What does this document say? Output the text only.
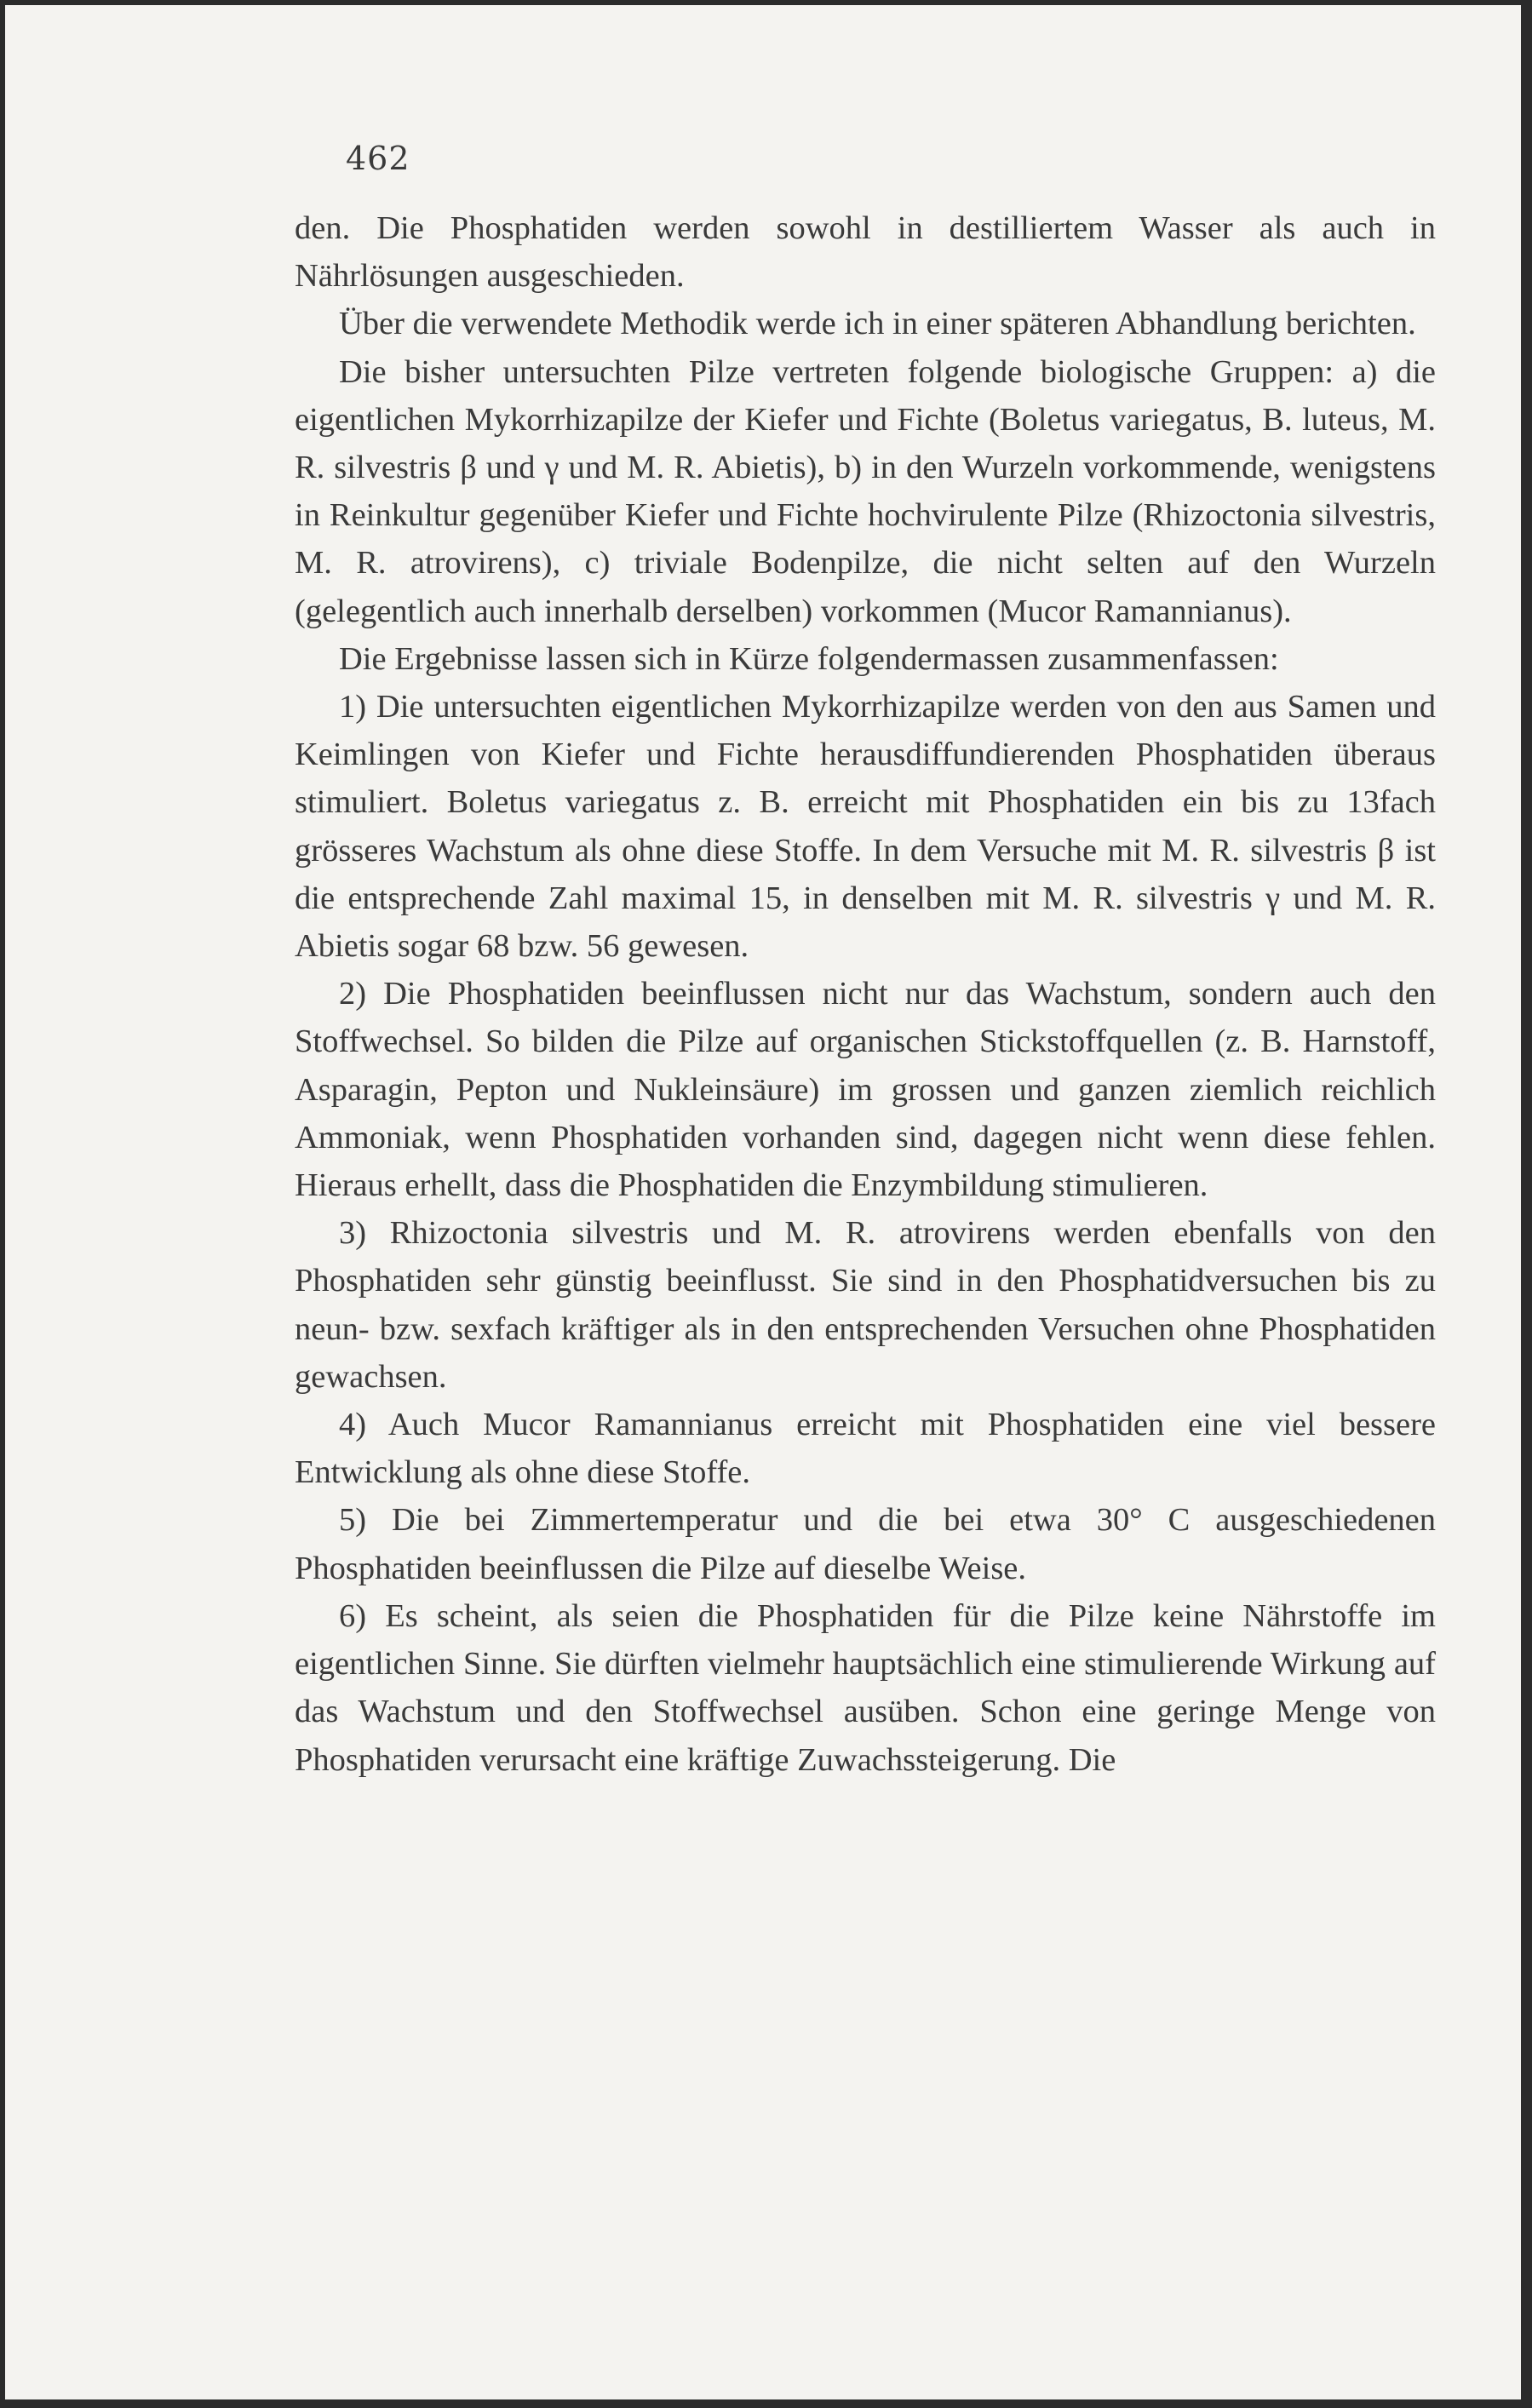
462

den. Die Phosphatiden werden sowohl in destilliertem Wasser als auch in Nährlösungen ausgeschieden.

Über die verwendete Methodik werde ich in einer späteren Abhandlung berichten.

Die bisher untersuchten Pilze vertreten folgende biologische Gruppen: a) die eigentlichen Mykorrhizapilze der Kiefer und Fichte (Boletus variegatus, B. luteus, M. R. silvestris β und γ und M. R. Abietis), b) in den Wurzeln vorkommende, wenigstens in Reinkultur gegenüber Kiefer und Fichte hochvirulente Pilze (Rhizoctonia silvestris, M. R. atrovirens), c) triviale Bodenpilze, die nicht selten auf den Wurzeln (gelegentlich auch innerhalb derselben) vorkommen (Mucor Ramannianus).

Die Ergebnisse lassen sich in Kürze folgendermassen zusammenfassen:

1) Die untersuchten eigentlichen Mykorrhizapilze werden von den aus Samen und Keimlingen von Kiefer und Fichte herausdiffundierenden Phosphatiden überaus stimuliert. Boletus variegatus z. B. erreicht mit Phosphatiden ein bis zu 13fach grösseres Wachstum als ohne diese Stoffe. In dem Versuche mit M. R. silvestris β ist die entsprechende Zahl maximal 15, in denselben mit M. R. silvestris γ und M. R. Abietis sogar 68 bzw. 56 gewesen.

2) Die Phosphatiden beeinflussen nicht nur das Wachstum, sondern auch den Stoffwechsel. So bilden die Pilze auf organischen Stickstoffquellen (z. B. Harnstoff, Asparagin, Pepton und Nukleinsäure) im grossen und ganzen ziemlich reichlich Ammoniak, wenn Phosphatiden vorhanden sind, dagegen nicht wenn diese fehlen. Hieraus erhellt, dass die Phosphatiden die Enzymbildung stimulieren.

3) Rhizoctonia silvestris und M. R. atrovirens werden ebenfalls von den Phosphatiden sehr günstig beeinflusst. Sie sind in den Phosphatidversuchen bis zu neun- bzw. sexfach kräftiger als in den entsprechenden Versuchen ohne Phosphatiden gewachsen.

4) Auch Mucor Ramannianus erreicht mit Phosphatiden eine viel bessere Entwicklung als ohne diese Stoffe.

5) Die bei Zimmertemperatur und die bei etwa 30° C ausgeschiedenen Phosphatiden beeinflussen die Pilze auf dieselbe Weise.

6) Es scheint, als seien die Phosphatiden für die Pilze keine Nährstoffe im eigentlichen Sinne. Sie dürften vielmehr hauptsächlich eine stimulierende Wirkung auf das Wachstum und den Stoffwechsel ausüben. Schon eine geringe Menge von Phosphatiden verursacht eine kräftige Zuwachssteigerung. Die
